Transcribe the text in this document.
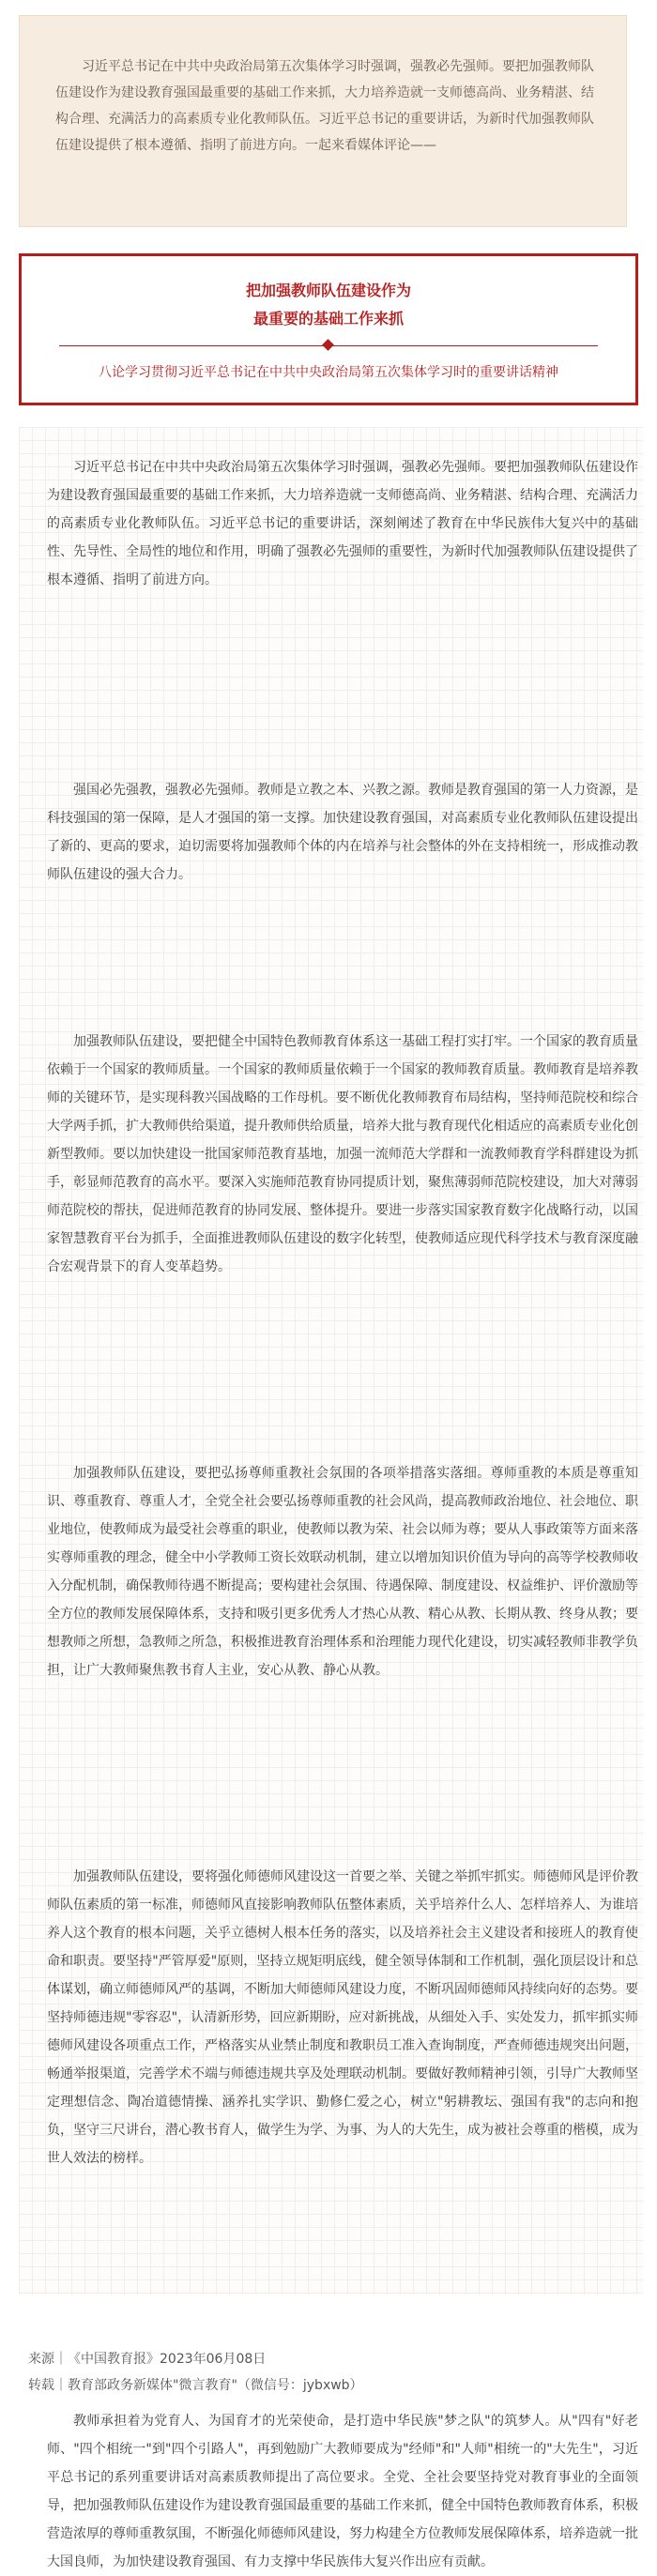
习近平总书记在中共中央政治局第五次集体学习时强调，强教必先强师。要把加强教师队伍建设作为建设教育强国最重要的基础工作来抓，大力培养造就一支师德高尚、业务精湛、结构合理、充满活力的高素质专业化教师队伍。习近平总书记的重要讲话，为新时代加强教师队伍建设提供了根本遵循、指明了前进方向。一起来看媒体评论——

把加强教师队伍建设作为
最重要的基础工作来抓
八论学习贯彻习近平总书记在中共中央政治局第五次集体学习时的重要讲话精神

习近平总书记在中共中央政治局第五次集体学习时强调，强教必先强师。要把加强教师队伍建设作为建设教育强国最重要的基础工作来抓，大力培养造就一支师德高尚、业务精湛、结构合理、充满活力的高素质专业化教师队伍。习近平总书记的重要讲话，深刻阐述了教育在中华民族伟大复兴中的基础性、先导性、全局性的地位和作用，明确了强教必先强师的重要性，为新时代加强教师队伍建设提供了根本遵循、指明了前进方向。

强国必先强教，强教必先强师。教师是立教之本、兴教之源。教师是教育强国的第一人力资源，是科技强国的第一保障，是人才强国的第一支撑。加快建设教育强国，对高素质专业化教师队伍建设提出了新的、更高的要求，迫切需要将加强教师个体的内在培养与社会整体的外在支持相统一，形成推动教师队伍建设的强大合力。

加强教师队伍建设，要把健全中国特色教师教育体系这一基础工程打实打牢。一个国家的教育质量依赖于一个国家的教师质量。一个国家的教师质量依赖于一个国家的教师教育质量。教师教育是培养教师的关键环节，是实现科教兴国战略的工作母机。要不断优化教师教育布局结构，坚持师范院校和综合大学两手抓，扩大教师供给渠道，提升教师供给质量，培养大批与教育现代化相适应的高素质专业化创新型教师。要以加快建设一批国家师范教育基地，加强一流师范大学群和一流教师教育学科群建设为抓手，彰显师范教育的高水平。要深入实施师范教育协同提质计划，聚焦薄弱师范院校建设，加大对薄弱师范院校的帮扶，促进师范教育的协同发展、整体提升。要进一步落实国家教育数字化战略行动，以国家智慧教育平台为抓手，全面推进教师队伍建设的数字化转型，使教师适应现代科学技术与教育深度融合宏观背景下的育人变革趋势。

加强教师队伍建设，要把弘扬尊师重教社会氛围的各项举措落实落细。尊师重教的本质是尊重知识、尊重教育、尊重人才，全党全社会要弘扬尊师重教的社会风尚，提高教师政治地位、社会地位、职业地位，使教师成为最受社会尊重的职业，使教师以教为荣、社会以师为尊；要从人事政策等方面来落实尊师重教的理念，健全中小学教师工资长效联动机制，建立以增加知识价值为导向的高等学校教师收入分配机制，确保教师待遇不断提高；要构建社会氛围、待遇保障、制度建设、权益维护、评价激励等全方位的教师发展保障体系，支持和吸引更多优秀人才热心从教、精心从教、长期从教、终身从教；要想教师之所想，急教师之所急，积极推进教育治理体系和治理能力现代化建设，切实减轻教师非教学负担，让广大教师聚焦教书育人主业，安心从教、静心从教。

加强教师队伍建设，要将强化师德师风建设这一首要之举、关键之举抓牢抓实。师德师风是评价教师队伍素质的第一标准，师德师风直接影响教师队伍整体素质，关乎培养什么人、怎样培养人、为谁培养人这个教育的根本问题，关乎立德树人根本任务的落实，以及培养社会主义建设者和接班人的教育使命和职责。要坚持"严管厚爱"原则，坚持立规矩明底线，健全领导体制和工作机制，强化顶层设计和总体谋划，确立师德师风严的基调，不断加大师德师风建设力度，不断巩固师德师风持续向好的态势。要坚持师德违规"零容忍"，认清新形势，回应新期盼，应对新挑战，从细处入手、实处发力，抓牢抓实师德师风建设各项重点工作，严格落实从业禁止制度和教职员工准入查询制度，严查师德违规突出问题，畅通举报渠道，完善学术不端与师德违规共享及处理联动机制。要做好教师精神引领，引导广大教师坚定理想信念、陶冶道德情操、涵养扎实学识、勤修仁爱之心，树立"躬耕教坛、强国有我"的志向和抱负，坚守三尺讲台，潜心教书育人，做学生为学、为事、为人的大先生，成为被社会尊重的楷模，成为世人效法的榜样。

教师承担着为党育人、为国育才的光荣使命，是打造中华民族"梦之队"的筑梦人。从"四有"好老师、"四个相统一"到"四个引路人"，再到勉励广大教师要成为"经师"和"人师"相统一的"大先生"，习近平总书记的系列重要讲话对高素质教师提出了高位要求。全党、全社会要坚持党对教育事业的全面领导，把加强教师队伍建设作为建设教育强国最重要的基础工作来抓，健全中国特色教师教育体系，积极营造浓厚的尊师重教氛围，不断强化师德师风建设，努力构建全方位教师发展保障体系，培养造就一批大国良师，为加快建设教育强国、有力支撑中华民族伟大复兴作出应有贡献。

来源｜《中国教育报》2023年06月08日
转载｜教育部政务新媒体"微言教育"（微信号：jybxwb）
